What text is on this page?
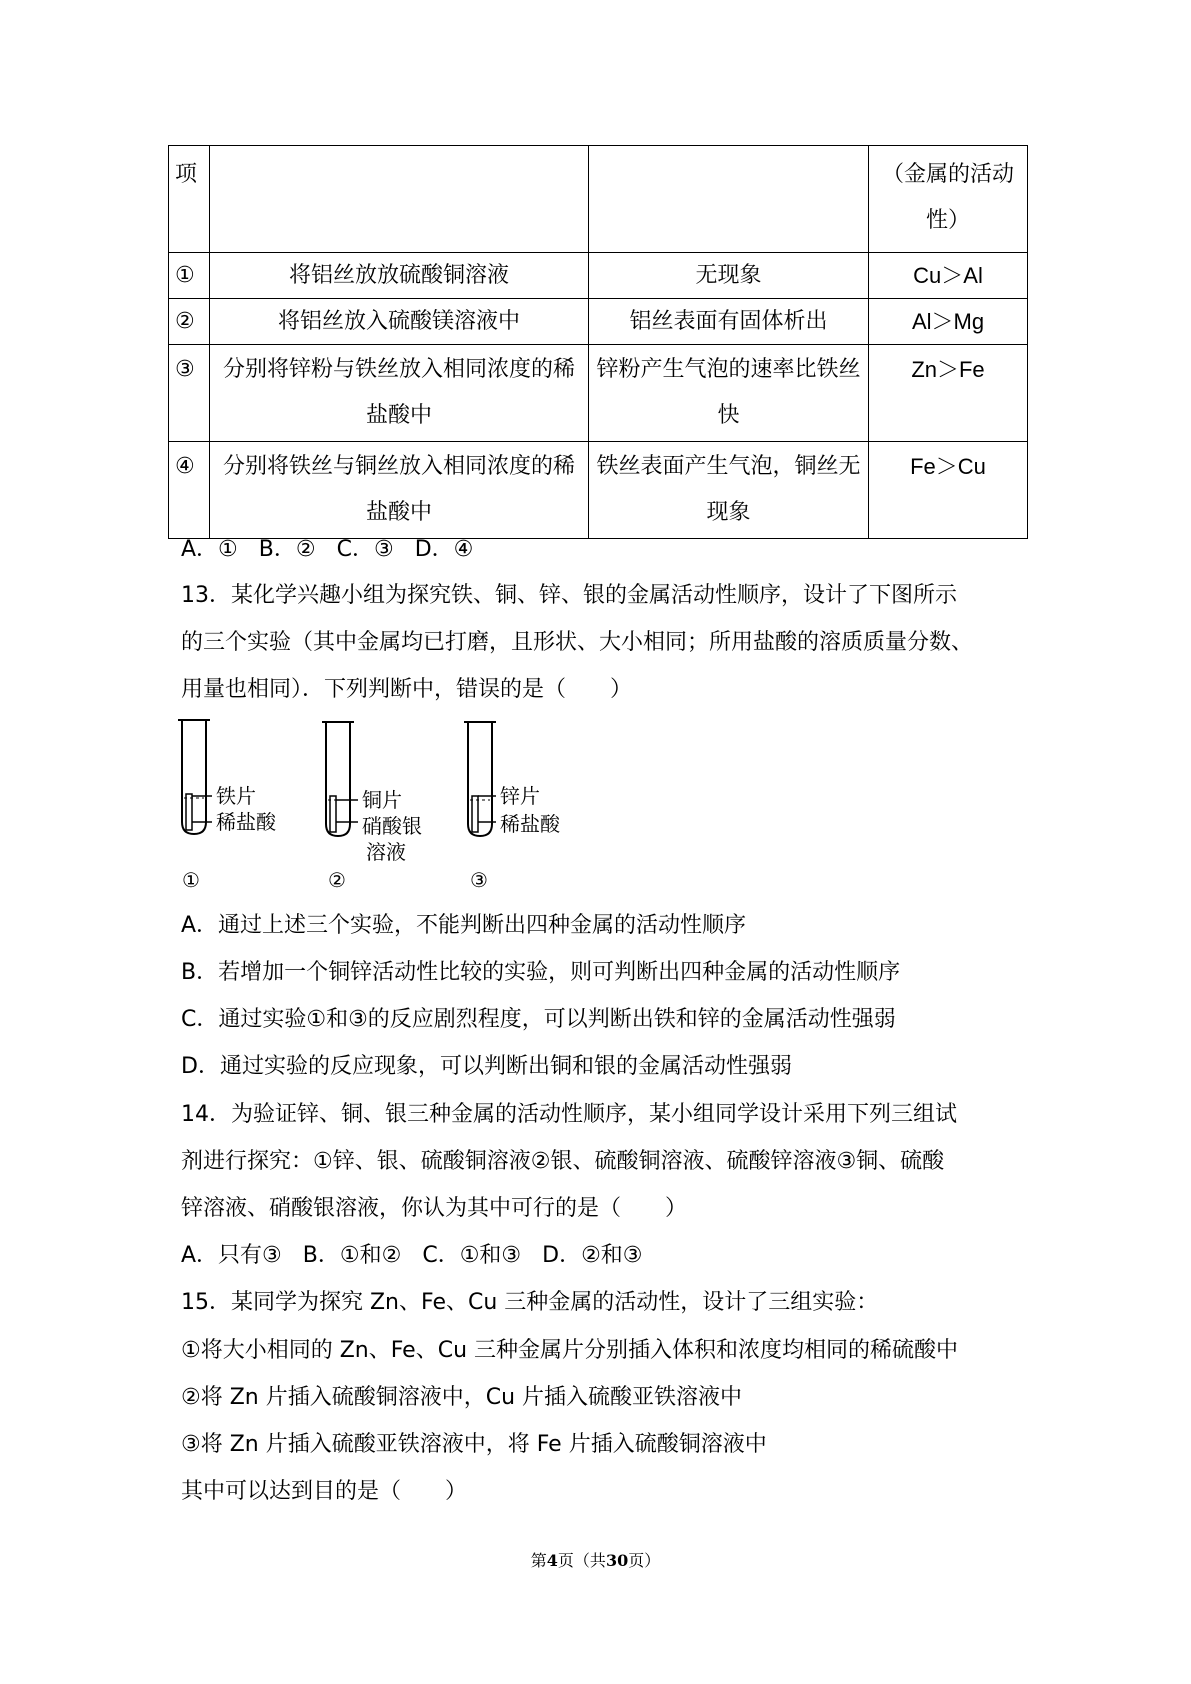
项			（金属的活动性）
①	将铝丝放放硫酸铜溶液	无现象	Cu＞Al
②	将铝丝放入硫酸镁溶液中	铝丝表面有固体析出	Al＞Mg
③	分别将锌粉与铁丝放入相同浓度的稀盐酸中	锌粉产生气泡的速率比铁丝快	Zn＞Fe
④	分别将铁丝与铜丝放入相同浓度的稀盐酸中	铁丝表面产生气泡，铜丝无现象	Fe＞Cu
A．① B．② C．③ D．④
13．某化学兴趣小组为探究铁、铜、锌、银的金属活动性顺序，设计了下图所示
的三个实验（其中金属均已打磨，且形状、大小相同；所用盐酸的溶质质量分数、
用量也相同）．下列判断中，错误的是（　　）
铁片
稀盐酸
①
铜片
硝酸银
溶液
②
锌片
稀盐酸
③
A．通过上述三个实验，不能判断出四种金属的活动性顺序
B．若增加一个铜锌活动性比较的实验，则可判断出四种金属的活动性顺序
C．通过实验①和③的反应剧烈程度，可以判断出铁和锌的金属活动性强弱
D．通过实验的反应现象，可以判断出铜和银的金属活动性强弱
14．为验证锌、铜、银三种金属的活动性顺序，某小组同学设计采用下列三组试
剂进行探究：①锌、银、硫酸铜溶液②银、硫酸铜溶液、硫酸锌溶液③铜、硫酸
锌溶液、硝酸银溶液，你认为其中可行的是（　　）
A．只有③ B．①和② C．①和③ D．②和③
15．某同学为探究 Zn、Fe、Cu 三种金属的活动性，设计了三组实验：
①将大小相同的 Zn、Fe、Cu 三种金属片分别插入体积和浓度均相同的稀硫酸中
②将 Zn 片插入硫酸铜溶液中，Cu 片插入硫酸亚铁溶液中
③将 Zn 片插入硫酸亚铁溶液中，将 Fe 片插入硫酸铜溶液中
其中可以达到目的是（　　）
第4页（共30页）
